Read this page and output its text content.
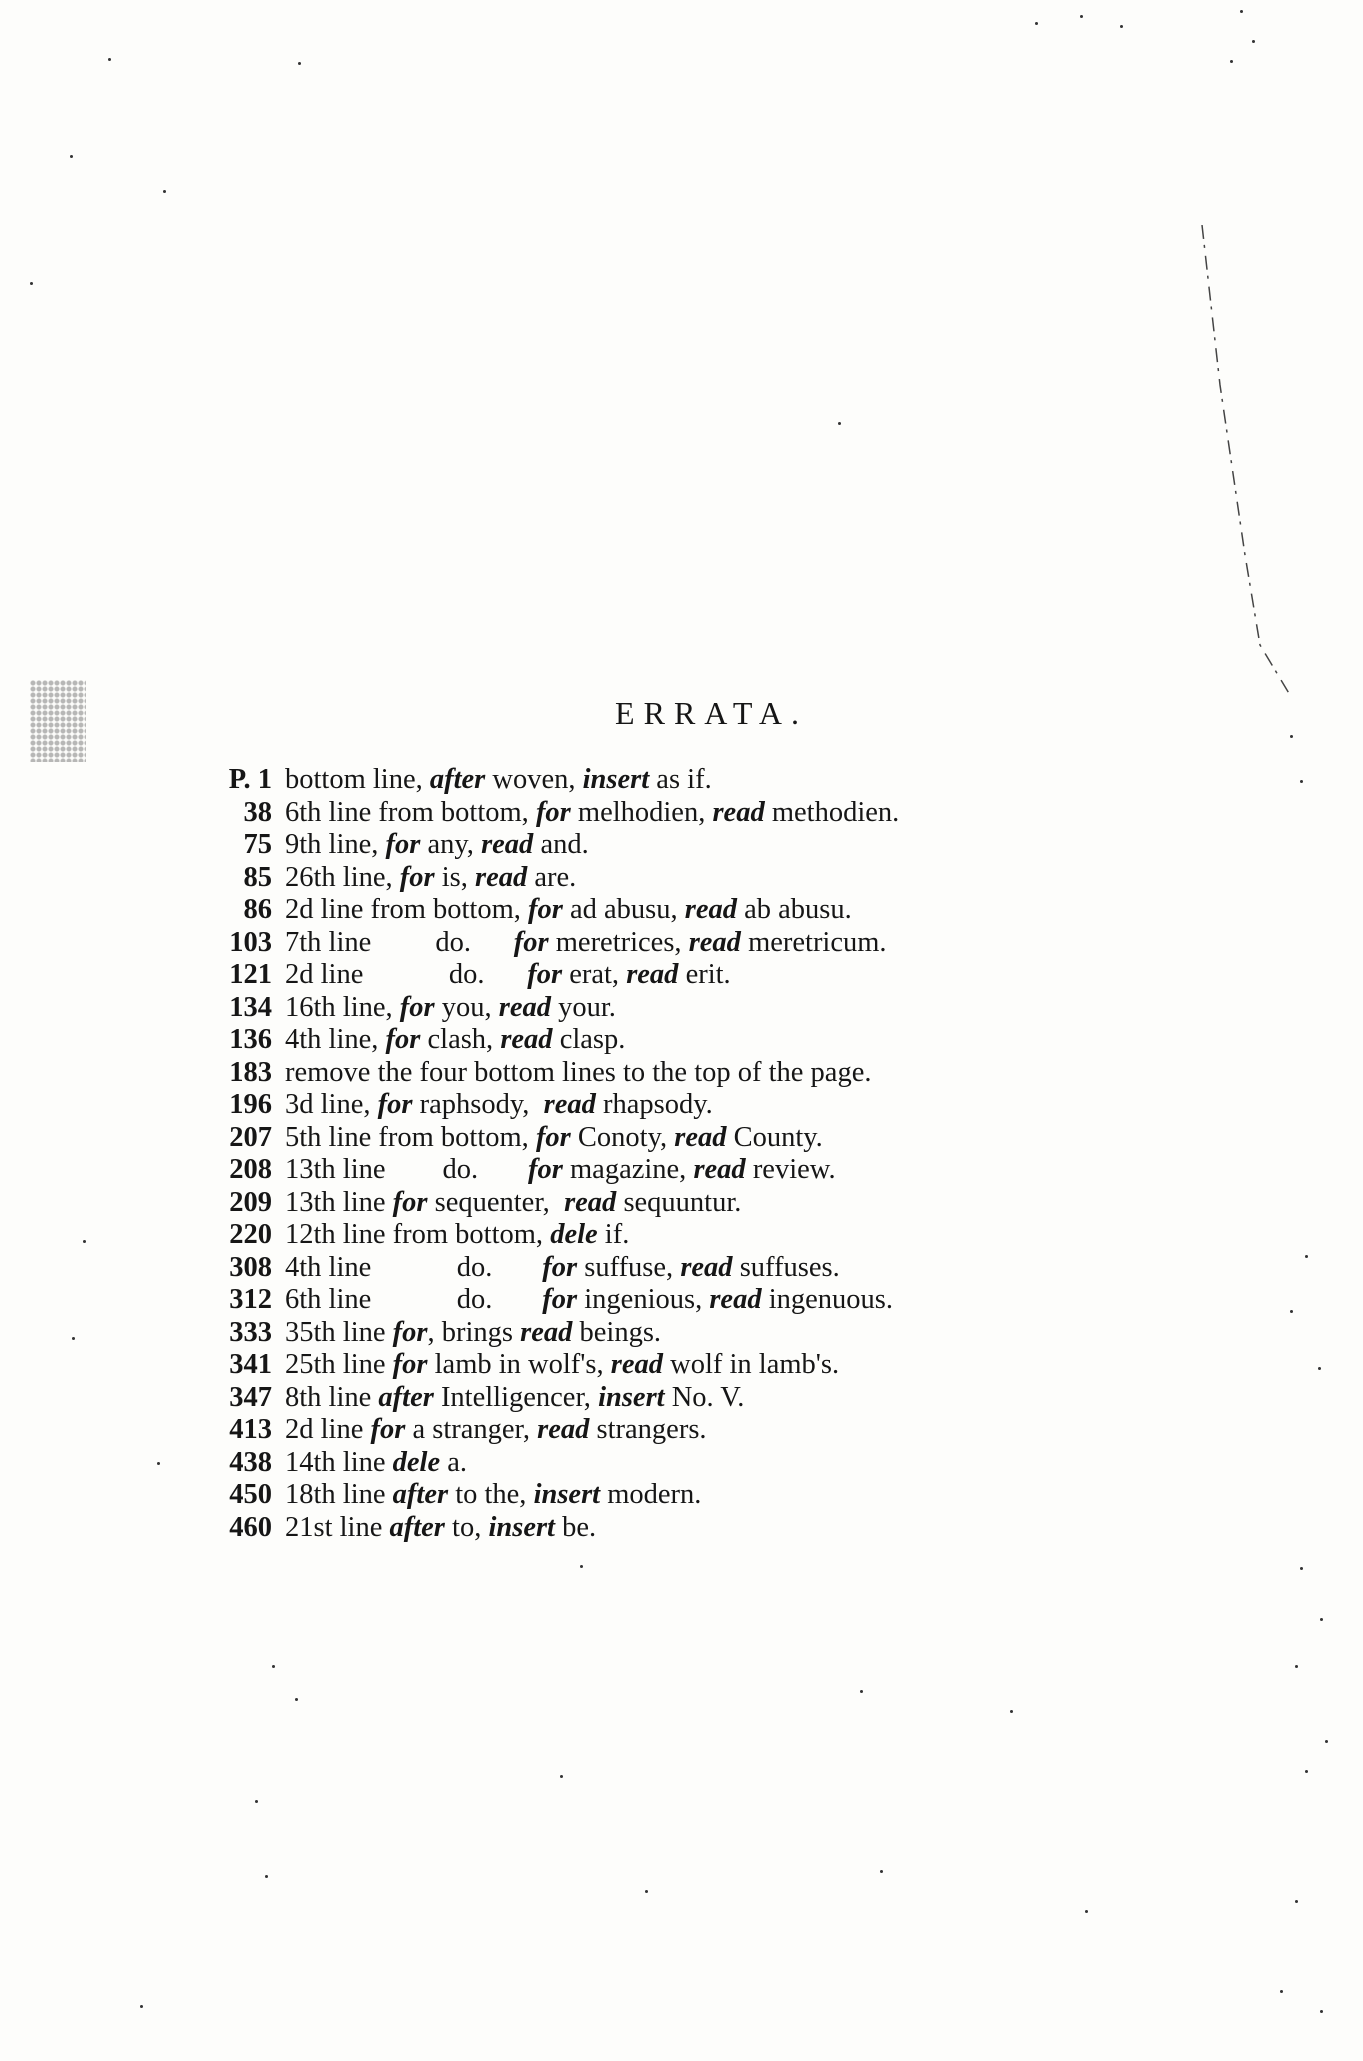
ERRATA.
P. 1 bottom line, after woven, insert as if.
38 6th line from bottom, for melhodien, read methodien.
75 9th line, for any, read and.
85 26th line, for is, read are.
86 2d line from bottom, for ad abusu, read ab abusu.
103 7th line         do.      for meretrices, read meretricum.
121 2d line            do.      for erat, read erit.
134 16th line, for you, read your.
136 4th line, for clash, read clasp.
183 remove the four bottom lines to the top of the page.
196 3d line, for raphsody,  read rhapsody.
207 5th line from bottom, for Conoty, read County.
208 13th line        do.       for magazine, read review.
209 13th line for sequenter,  read sequuntur.
220 12th line from bottom, dele if.
308 4th line            do.       for suffuse, read suffuses.
312 6th line            do.       for ingenious, read ingenuous.
333 35th line for, brings read beings.
341 25th line for lamb in wolf's, read wolf in lamb's.
347 8th line after Intelligencer, insert No. V.
413 2d line for a stranger, read strangers.
438 14th line dele a.
450 18th line after to the, insert modern.
460 21st line after to, insert be.
